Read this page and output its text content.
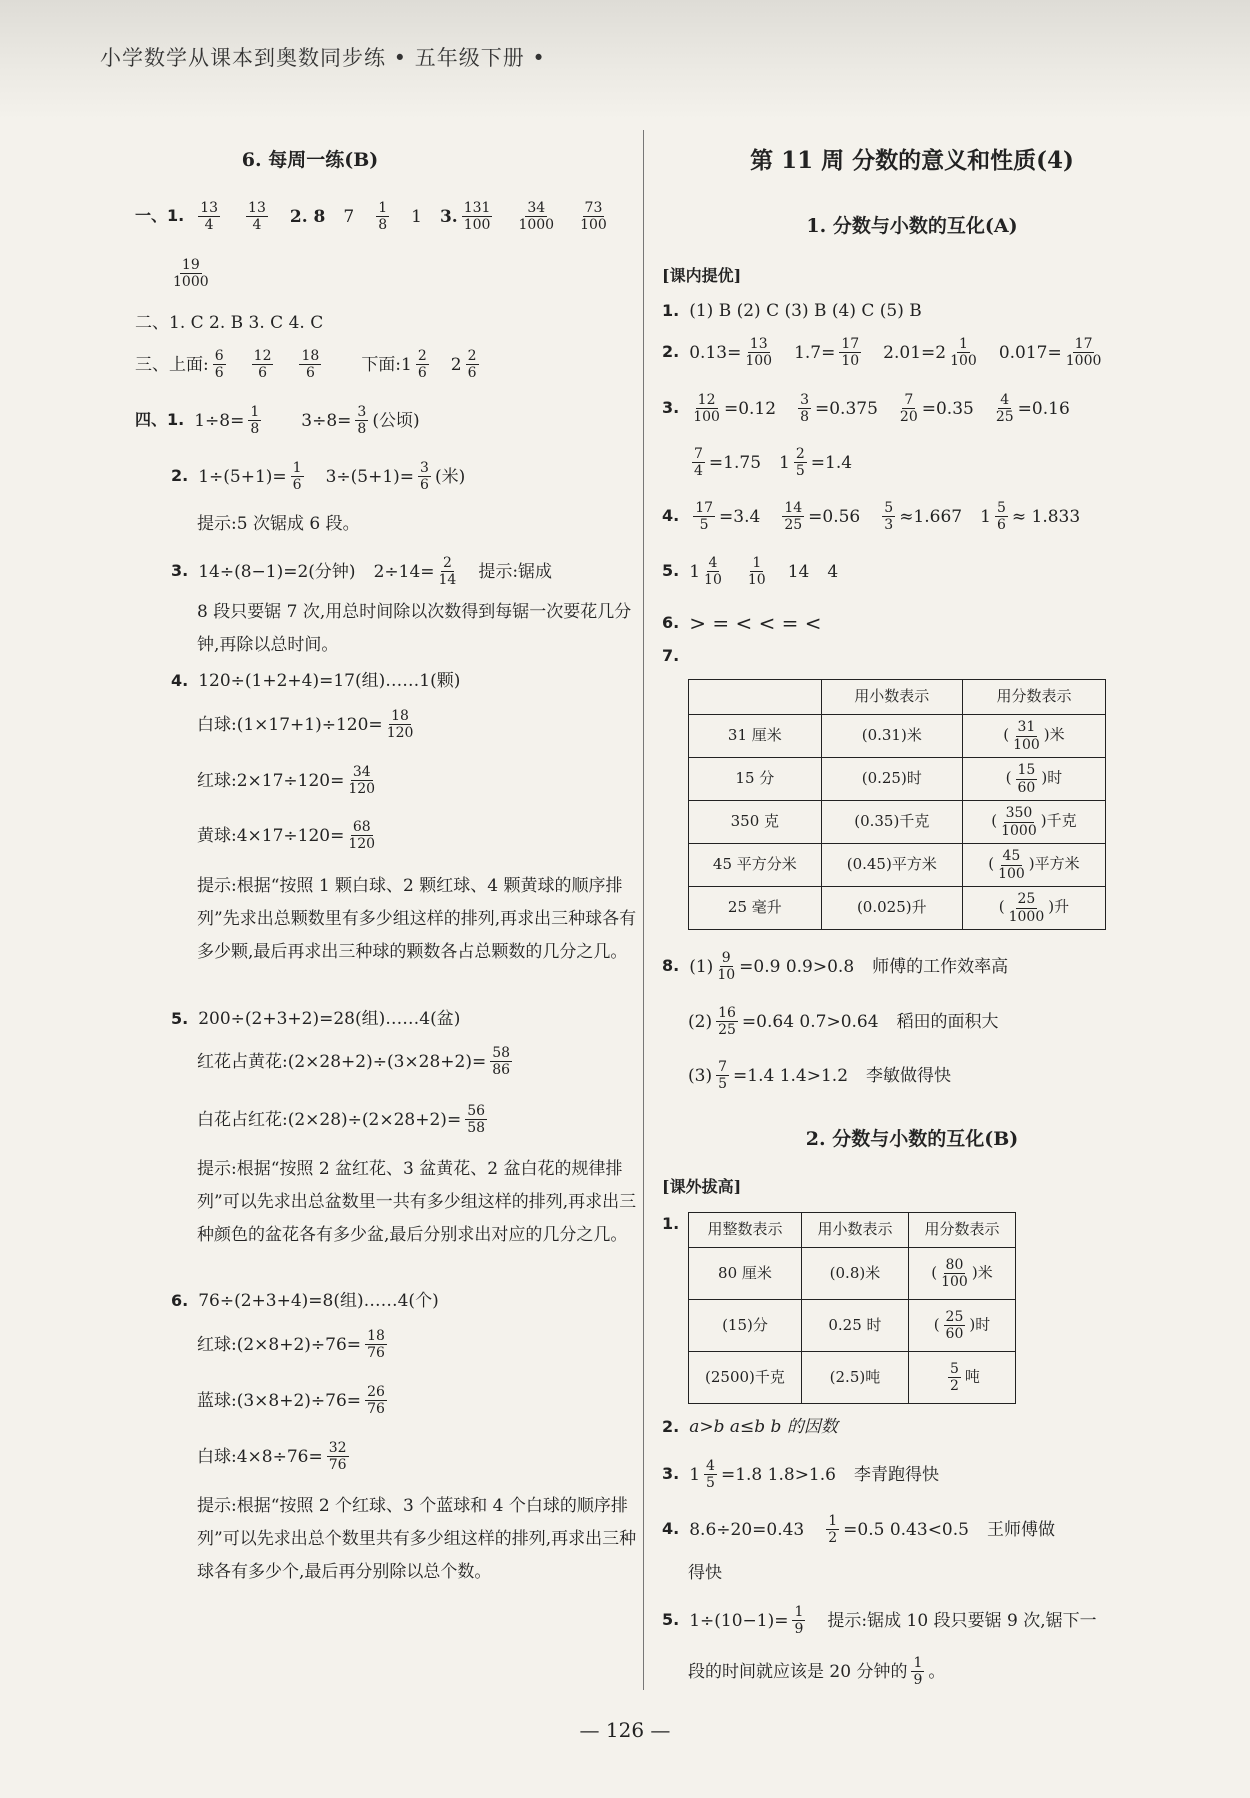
小学数学从课本到奥数同步练 • 五年级下册 •
6. 每周一练(B)
一、1. $\frac{13}{4} \frac{13}{4} 2$. 8 $7 \frac{1}{8} 1$ 3. $\frac{131}{100} \frac{34}{1000} \frac{73}{100}$
$\frac{19}{1000}$
二、1. C 2. B 3. C 4. C
三、上面: $\frac{6}{6} \frac{12}{6} \frac{18}{6}$ 下面:1 $\frac{2}{6} 2 \frac{2}{6}$
四、1. $1\div 8= \frac{1}{8} 3\div 8= \frac{3}{8}$ (公顷)
2. $1\div(5+1)= \frac{1}{6} 3\div(5+1)= \frac{3}{6}$ (米)
提示:5 次锯成 6 段。
3. 14÷(8−1)=2(分钟) $2\div 14= \frac{2}{14}$ 提示:锯成
8 段只要锯 7 次,用总时间除以次数得到每锯一次要花几分钟,再除以总时间。
4. 120÷(1+2+4)=17(组)……1(颗)
白球:(1×17+1)÷120= $\frac{18}{120}$
红球:2×17÷120= $\frac{34}{120}$
黄球:4×17÷120= $\frac{68}{120}$
提示:根据“按照 1 颗白球、2 颗红球、4 颗黄球的顺序排列”先求出总颗数里有多少组这样的排列,再求出三种球各有多少颗,最后再求出三种球的颗数各占总颗数的几分之几。
5. 200÷(2+3+2)=28(组)……4(盆)
红花占黄花:(2×28+2)÷(3×28+2)= $\frac{58}{86}$
白花占红花:(2×28)÷(2×28+2)= $\frac{56}{58}$
提示:根据“按照 2 盆红花、3 盆黄花、2 盆白花的规律排列”可以先求出总盆数里一共有多少组这样的排列,再求出三种颜色的盆花各有多少盆,最后分别求出对应的几分之几。
6. 76÷(2+3+4)=8(组)……4(个)
红球:(2×8+2)÷76= $\frac{18}{76}$
蓝球:(3×8+2)÷76= $\frac{26}{76}$
白球:4×8÷76= $\frac{32}{76}$
提示:根据“按照 2 个红球、3 个蓝球和 4 个白球的顺序排列”可以先求出总个数里共有多少组这样的排列,再求出三种球各有多少个,最后再分别除以总个数。
第 11 周 分数的意义和性质(4)
1. 分数与小数的互化(A)
[课内提优]
1. (1) B (2) C (3) B (4) C (5) B
2. $0.13= \frac{13}{100} 1.7= \frac{17}{10} 2.01=2 \frac{1}{100} 0.017= \frac{17}{1000}$
3. $\frac{12}{100} =0.12 \frac{3}{8} =0.375 \frac{7}{20} =0.35 \frac{4}{25} =0.16$
$\frac{7}{4} =1.75$ $1 \frac{2}{5} =1.4$
4. $\frac{17}{5} =3.4 \frac{14}{25} =0.56 \frac{5}{3} \approx 1.667$ $1 \frac{5}{6} \approx 1.833$
5. $1 \frac{4}{10} \frac{1}{10} 14$ 4
6. > = < < = <
7.
	用小数表示	用分数表示
31 厘米	(0.31)米	( $\frac{31}{100}$ )米
15 分	(0.25)时	( $\frac{15}{60}$ )时
350 克	(0.35)千克	( $\frac{350}{1000}$ )千克
45 平方分米	(0.45)平方米	( $\frac{45}{100}$ )平方米
25 毫升	(0.025)升	( $\frac{25}{1000}$ )升
8. $(1) \frac{9}{10} =0.9$ 0.9>0.8 师傅的工作效率高
$(2) \frac{16}{25} =0.64$ 0.7>0.64 稻田的面积大
$(3) \frac{7}{5} =1.4$ 1.4>1.2 李敏做得快
2. 分数与小数的互化(B)
[课外拔高]
1. 用整数表示	用小数表示	用分数表示
80 厘米	(0.8)米	( $\frac{80}{100}$ )米
(15)分	0.25 时	( $\frac{25}{60}$ )时
(2500)千克	(2.5)吨	$\frac{5}{2}$ 吨
2. a>b a≤b b 的因数
3. $1 \frac{4}{5} =1.8$ 1.8>1.6 李青跑得快
4. $8.6\div 20=0.43 \frac{1}{2} =0.5$ 0.43<0.5 王师傅做
得快
5. $1\div(10-1)= \frac{1}{9}$ 提示:锯成 10 段只要锯 9 次,锯下一
段的时间就应该是 20 分钟的 $\frac{1}{9}$ 。
— 126 —
